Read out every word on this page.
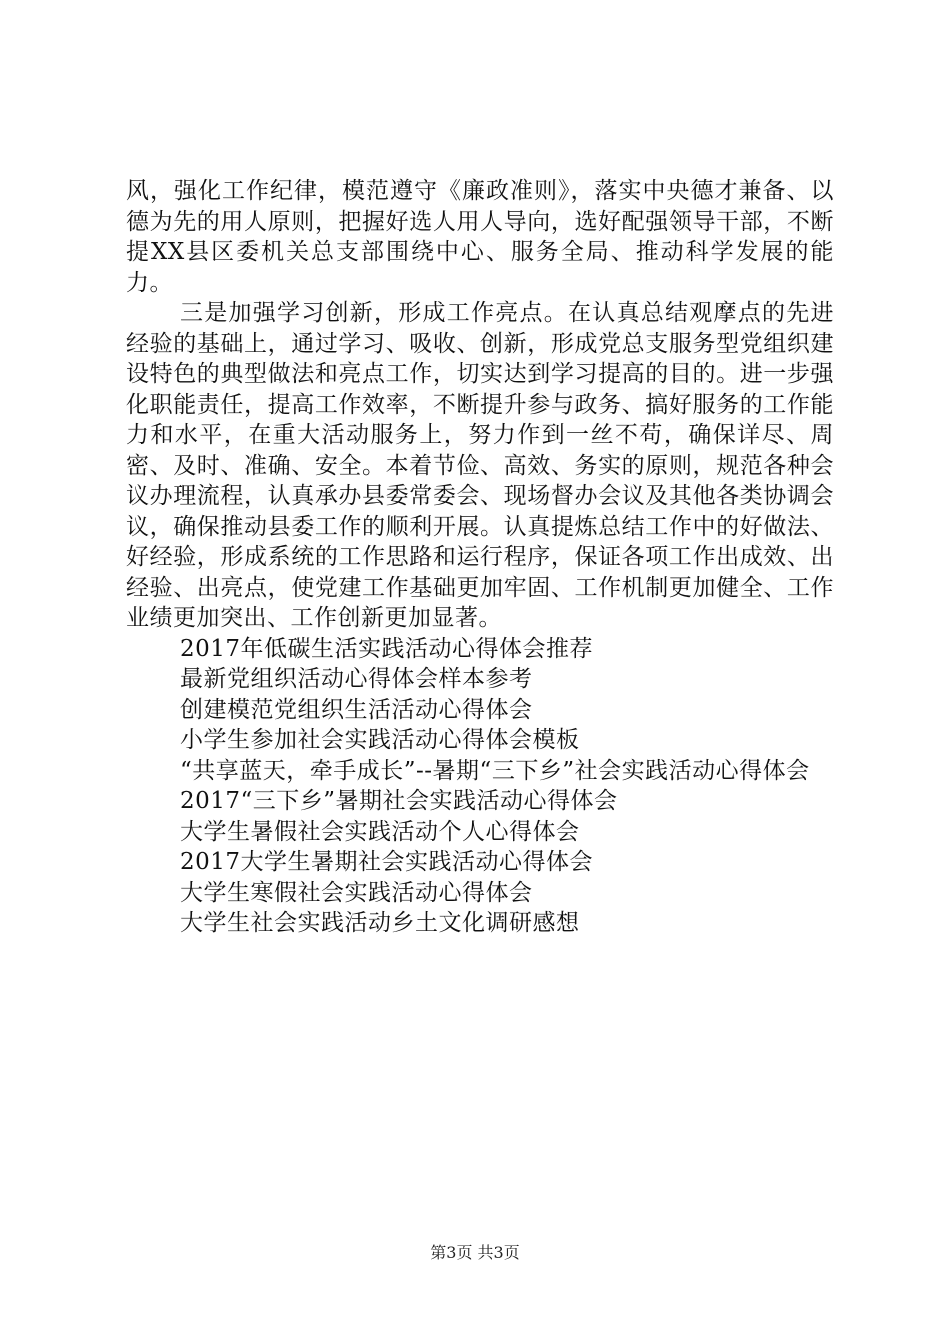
风，强化工作纪律，模范遵守《廉政准则》，落实中央德才兼备、以德为先的用人原则，把握好选人用人导向，选好配强领导干部，不断提XX县区委机关总支部围绕中心、服务全局、推动科学发展的能力。

三是加强学习创新，形成工作亮点。在认真总结观摩点的先进经验的基础上，通过学习、吸收、创新，形成党总支服务型党组织建设特色的典型做法和亮点工作，切实达到学习提高的目的。进一步强化职能责任，提高工作效率，不断提升参与政务、搞好服务的工作能力和水平，在重大活动服务上，努力作到一丝不苟，确保详尽、周密、及时、准确、安全。本着节俭、高效、务实的原则，规范各种会议办理流程，认真承办县委常委会、现场督办会议及其他各类协调会议，确保推动县委工作的顺利开展。认真提炼总结工作中的好做法、好经验，形成系统的工作思路和运行程序，保证各项工作出成效、出经验、出亮点，使党建工作基础更加牢固、工作机制更加健全、工作业绩更加突出、工作创新更加显著。

2017年低碳生活实践活动心得体会推荐
最新党组织活动心得体会样本参考
创建模范党组织生活活动心得体会
小学生参加社会实践活动心得体会模板
“共享蓝天，牵手成长”--暑期“三下乡”社会实践活动心得体会
2017“三下乡”暑期社会实践活动心得体会
大学生暑假社会实践活动个人心得体会
2017大学生暑期社会实践活动心得体会
大学生寒假社会实践活动心得体会
大学生社会实践活动乡土文化调研感想
第3页 共3页
